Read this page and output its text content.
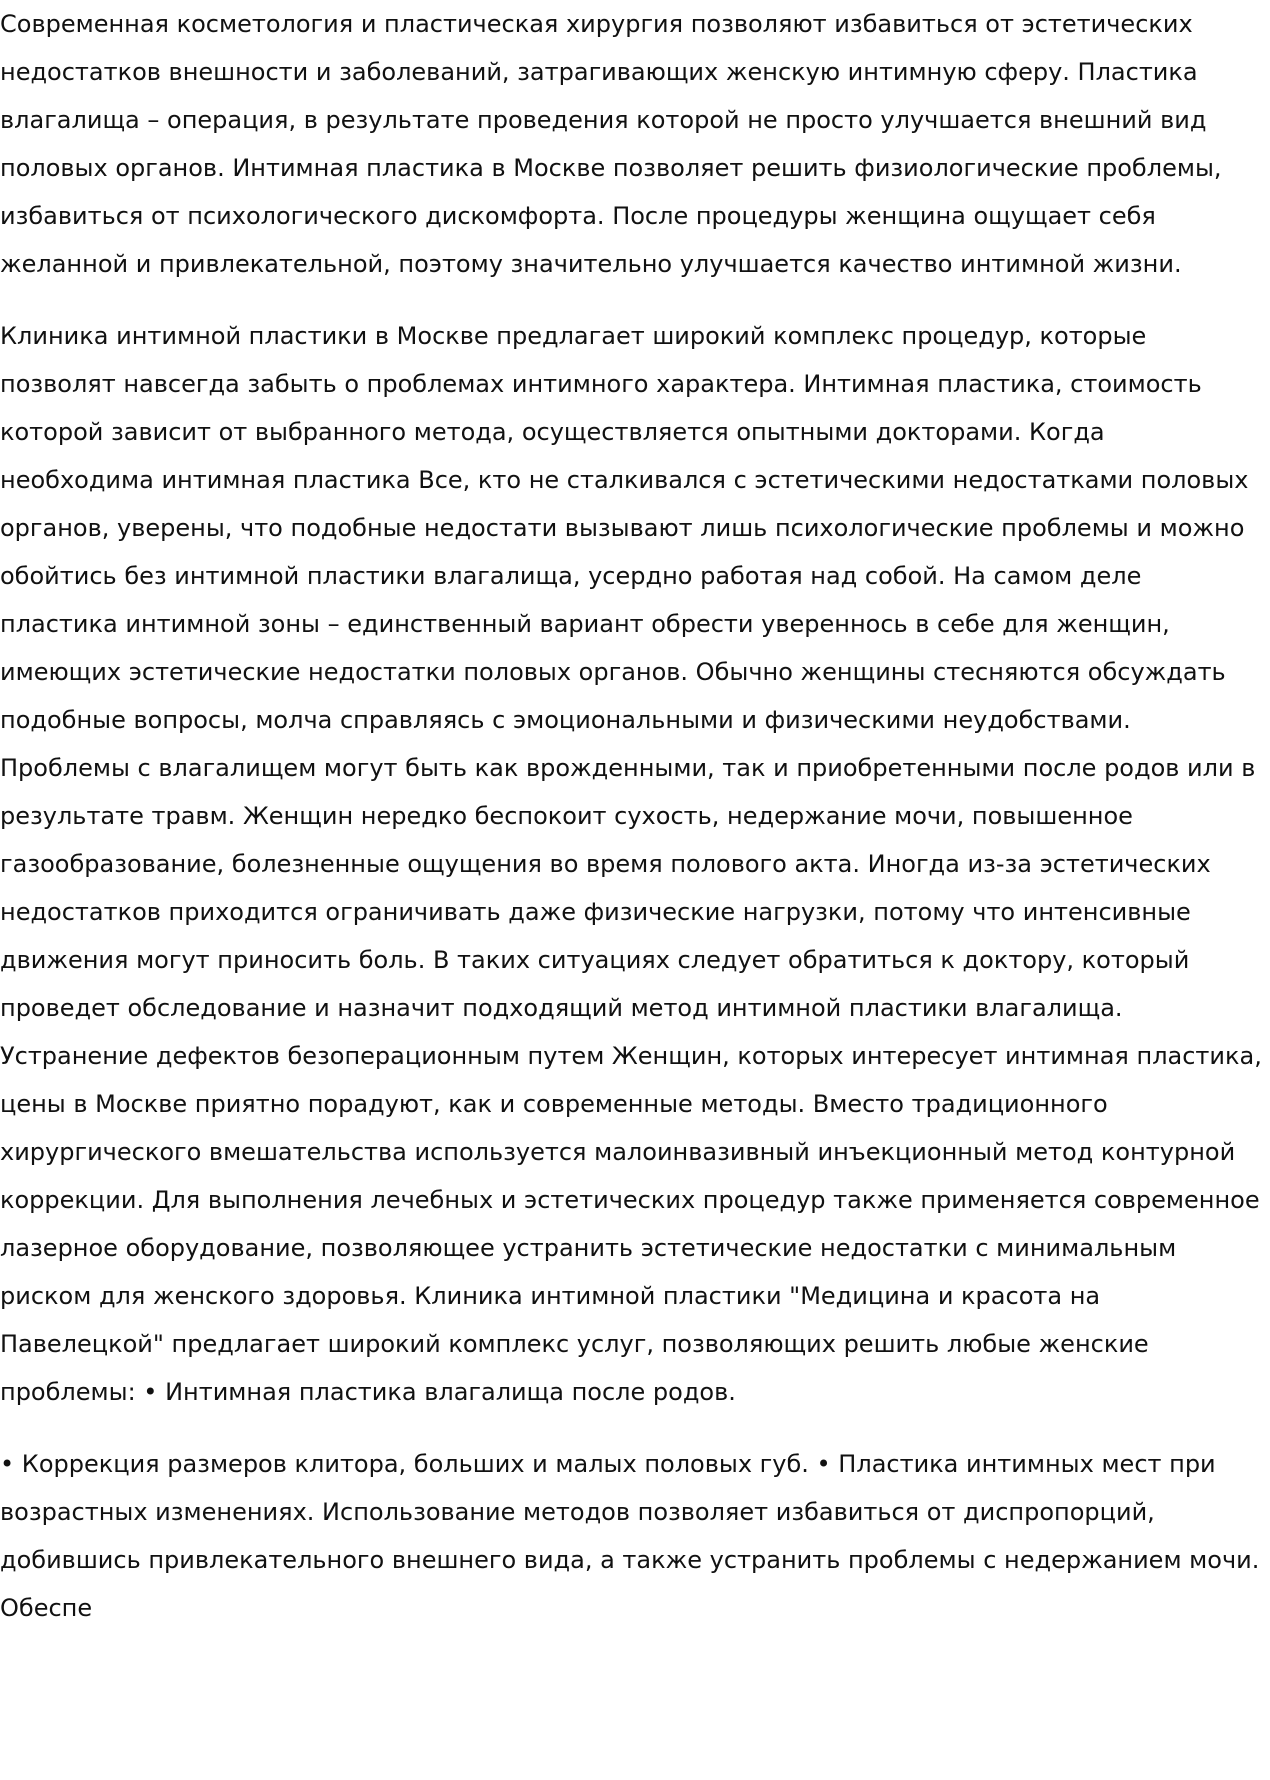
Современная косметология и пластическая хирургия позволяют избавиться от эстетических недостатков внешности и заболеваний, затрагивающих женскую интимную сферу. Пластика влагалища – операция, в результате проведения которой не просто улучшается внешний вид половых органов. Интимная пластика в Москве позволяет решить физиологические проблемы, избавиться от психологического дискомфорта. После процедуры женщина ощущает себя желанной и привлекательной, поэтому значительно улучшается качество интимной жизни.

Клиника интимной пластики в Москве предлагает широкий комплекс процедур, которые позволят навсегда забыть о проблемах интимного характера. Интимная пластика, стоимость которой зависит от выбранного метода, осуществляется опытными докторами. Когда необходима интимная пластика Все, кто не сталкивался с эстетическими недостатками половых органов, уверены, что подобные недостати вызывают лишь психологические проблемы и можно обойтись без интимной пластики влагалища, усердно работая над собой. На самом деле пластика интимной зоны – единственный вариант обрести увереннось в себе для женщин, имеющих эстетические недостатки половых органов. Обычно женщины стесняются обсуждать подобные вопросы, молча справляясь с эмоциональными и физическими неудобствами. Проблемы с влагалищем могут быть как врожденными, так и приобретенными после родов или в результате травм. Женщин нередко беспокоит сухость, недержание мочи, повышенное газообразование, болезненные ощущения во время полового акта. Иногда из-за эстетических недостатков приходится ограничивать даже физические нагрузки, потому что интенсивные движения могут приносить боль. В таких ситуациях следует обратиться к доктору, который проведет обследование и назначит подходящий метод интимной пластики влагалища. Устранение дефектов безоперационным путем Женщин, которых интересует интимная пластика, цены в Москве приятно порадуют, как и современные методы. Вместо традиционного хирургического вмешательства используется малоинвазивный инъекционный метод контурной коррекции. Для выполнения лечебных и эстетических процедур также применяется современное лазерное оборудование, позволяющее устранить эстетические недостатки с минимальным риском для женского здоровья. Клиника интимной пластики "Медицина и красота на Павелецкой" предлагает широкий комплекс услуг, позволяющих решить любые женские проблемы: • Интимная пластика влагалища после родов.

• Коррекция размеров клитора, больших и малых половых губ. • Пластика интимных мест при возрастных изменениях. Использование методов позволяет избавиться от диспропорций, добившись привлекательного внешнего вида, а также устранить проблемы с недержанием мочи. Обеспе
